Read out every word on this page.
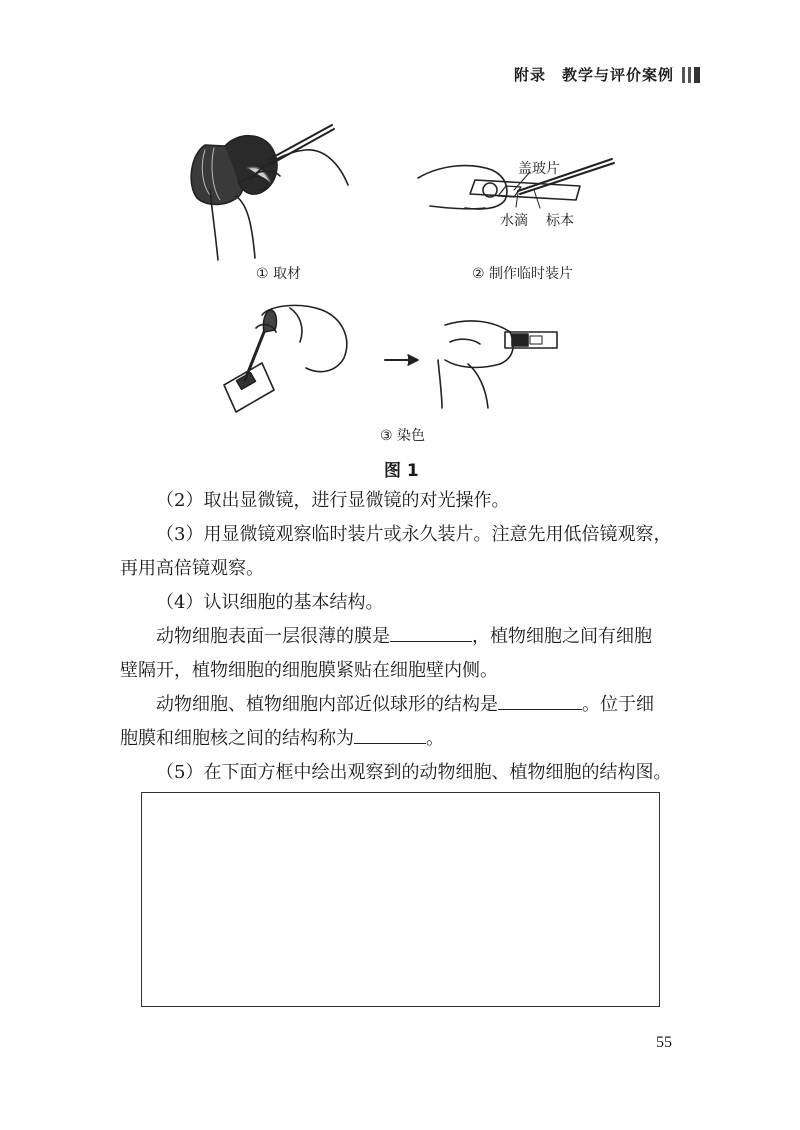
附录　教学与评价案例
盖玻片
水滴 标本
① 取材	② 制作临时装片
③ 染色
图 1

（2）取出显微镜，进行显微镜的对光操作。

（3）用显微镜观察临时装片或永久装片。注意先用低倍镜观察，

再用高倍镜观察。

（4）认识细胞的基本结构。

动物细胞表面一层很薄的膜是	，植物细胞之间有细胞

壁隔开，植物细胞的细胞膜紧贴在细胞壁内侧。

动物细胞、植物细胞内部近似球形的结构是	。位于细

胞膜和细胞核之间的结构称为	。

（5）在下面方框中绘出观察到的动物细胞、植物细胞的结构图。

55
